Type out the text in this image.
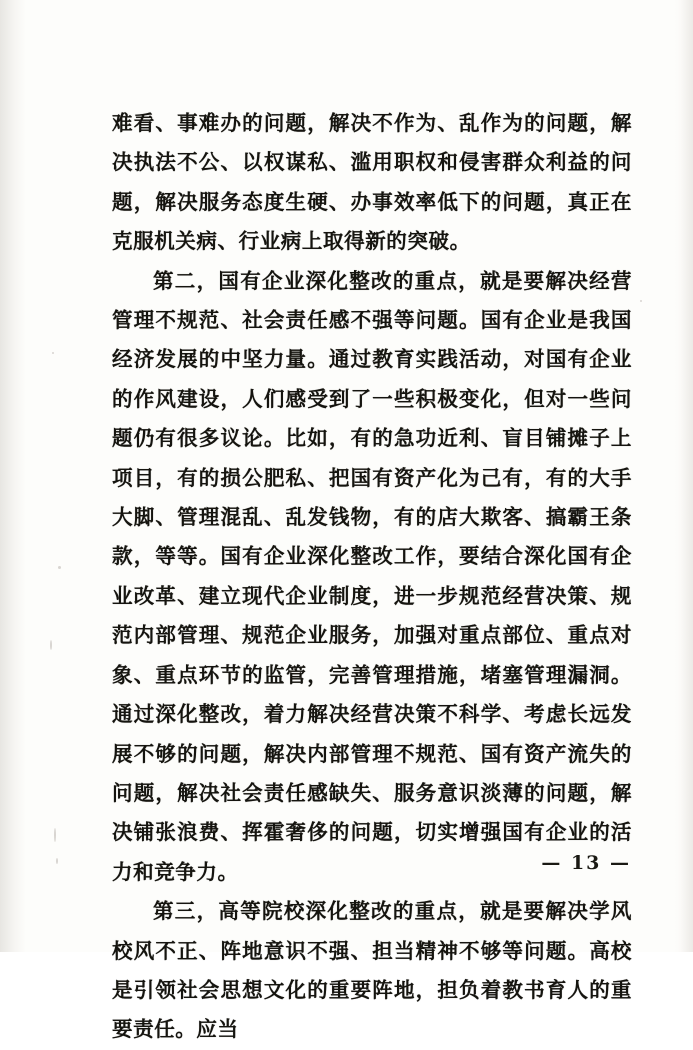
难看、事难办的问题，解决不作为、乱作为的问题，解决执法不公、以权谋私、滥用职权和侵害群众利益的问题，解决服务态度生硬、办事效率低下的问题，真正在克服机关病、行业病上取得新的突破。

第二，国有企业深化整改的重点，就是要解决经营管理不规范、社会责任感不强等问题。国有企业是我国经济发展的中坚力量。通过教育实践活动，对国有企业的作风建设，人们感受到了一些积极变化，但对一些问题仍有很多议论。比如，有的急功近利、盲目铺摊子上项目，有的损公肥私、把国有资产化为己有，有的大手大脚、管理混乱、乱发钱物，有的店大欺客、搞霸王条款，等等。国有企业深化整改工作，要结合深化国有企业改革、建立现代企业制度，进一步规范经营决策、规范内部管理、规范企业服务，加强对重点部位、重点对象、重点环节的监管，完善管理措施，堵塞管理漏洞。通过深化整改，着力解决经营决策不科学、考虑长远发展不够的问题，解决内部管理不规范、国有资产流失的问题，解决社会责任感缺失、服务意识淡薄的问题，解决铺张浪费、挥霍奢侈的问题，切实增强国有企业的活力和竞争力。

第三，高等院校深化整改的重点，就是要解决学风校风不正、阵地意识不强、担当精神不够等问题。高校是引领社会思想文化的重要阵地，担负着教书育人的重要责任。应当

— 13 —
